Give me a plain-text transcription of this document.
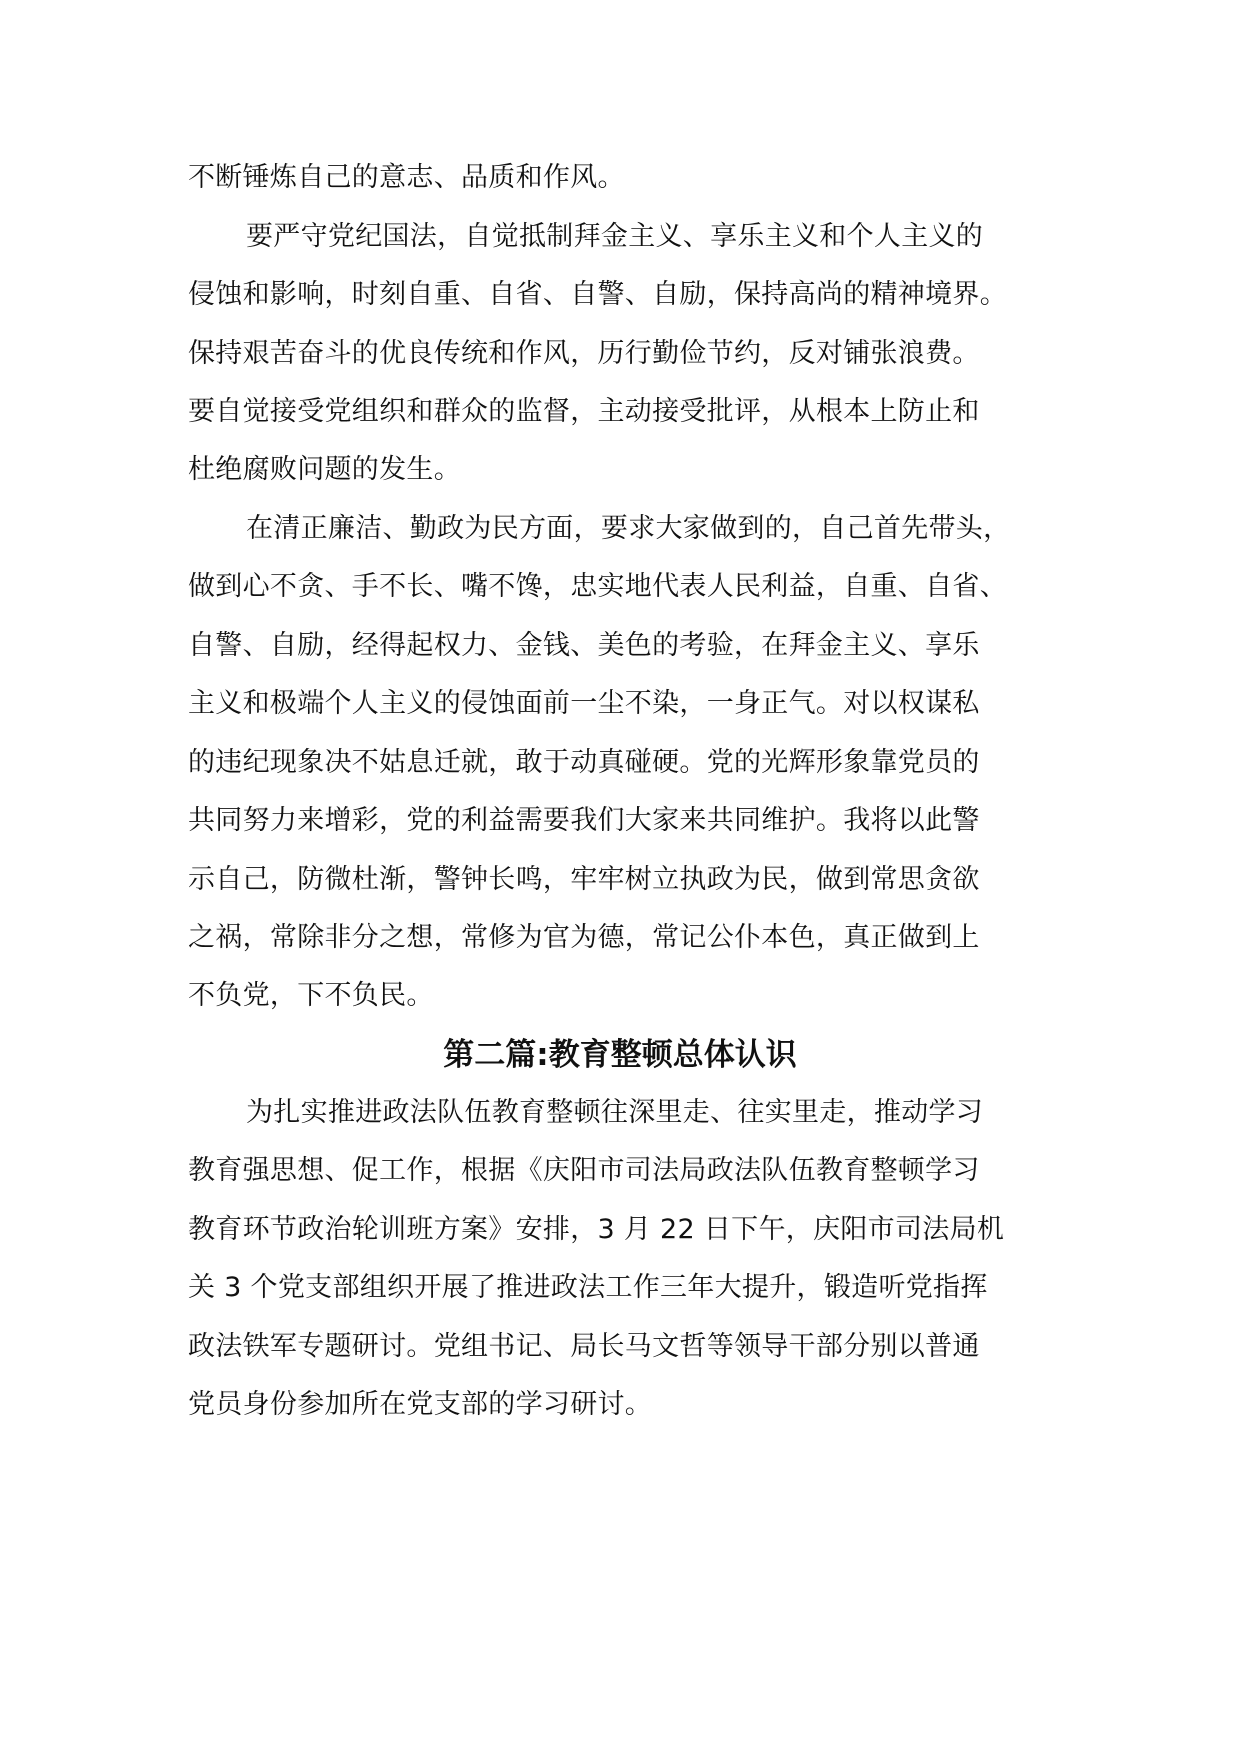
不断锤炼自己的意志、品质和作风。
要严守党纪国法，自觉抵制拜金主义、享乐主义和个人主义的
侵蚀和影响，时刻自重、自省、自警、自励，保持高尚的精神境界。
保持艰苦奋斗的优良传统和作风，历行勤俭节约，反对铺张浪费。
要自觉接受党组织和群众的监督，主动接受批评，从根本上防止和
杜绝腐败问题的发生。
在清正廉洁、勤政为民方面，要求大家做到的，自己首先带头，
做到心不贪、手不长、嘴不馋，忠实地代表人民利益，自重、自省、
自警、自励，经得起权力、金钱、美色的考验，在拜金主义、享乐
主义和极端个人主义的侵蚀面前一尘不染，一身正气。对以权谋私
的违纪现象决不姑息迁就，敢于动真碰硬。党的光辉形象靠党员的
共同努力来增彩，党的利益需要我们大家来共同维护。我将以此警
示自己，防微杜渐，警钟长鸣，牢牢树立执政为民，做到常思贪欲
之祸，常除非分之想，常修为官为德，常记公仆本色，真正做到上
不负党，下不负民。
第二篇:教育整顿总体认识
为扎实推进政法队伍教育整顿往深里走、往实里走，推动学习
教育强思想、促工作，根据《庆阳市司法局政法队伍教育整顿学习
教育环节政治轮训班方案》安排，3 月 22 日下午，庆阳市司法局机
关 3 个党支部组织开展了推进政法工作三年大提升，锻造听党指挥
政法铁军专题研讨。党组书记、局长马文哲等领导干部分别以普通
党员身份参加所在党支部的学习研讨。
